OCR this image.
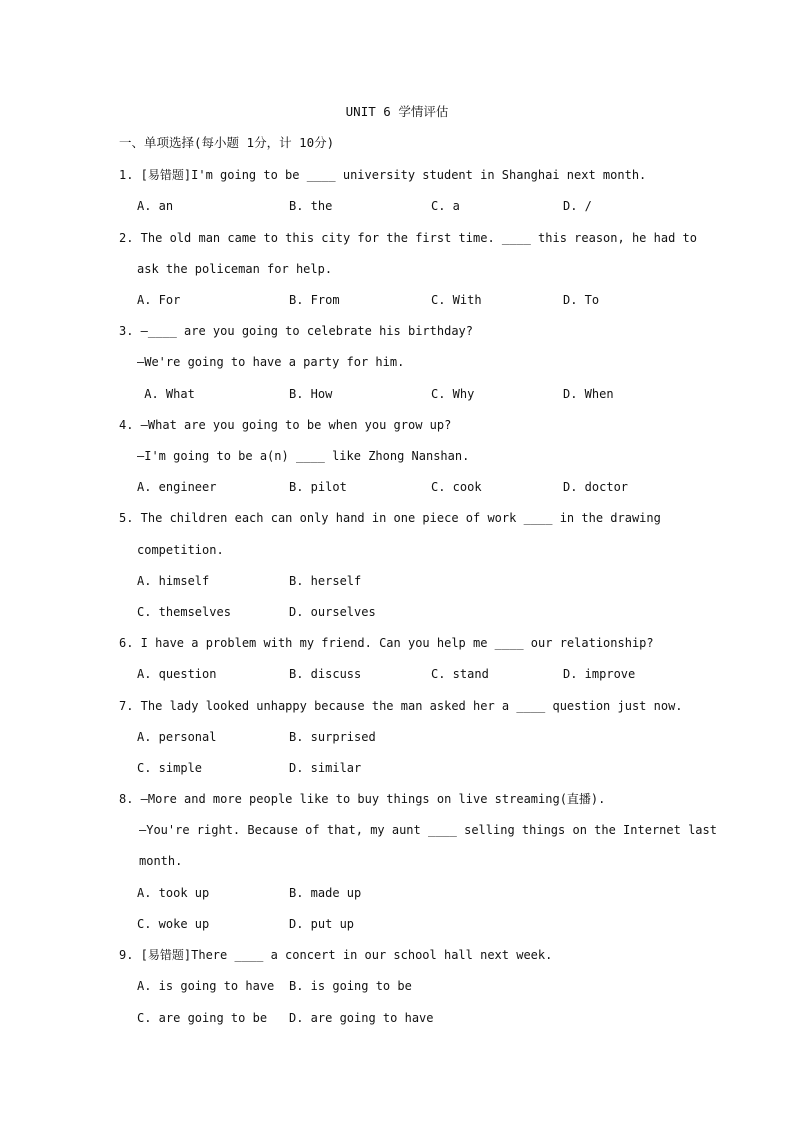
UNIT 6 学情评估
一、单项选择(每小题 1分，计 10分)
1. [易错题]I'm going to be ____ university student in Shanghai next month.
A. an	B. the	C. a	D. /
2. The old man came to this city for the first time. ____ this reason, he had to
ask the policeman for help.
A. For	B. From	C. With	D. To
3. —____ are you going to celebrate his birthday?
—We're going to have a party for him.
A. What	B. How	C. Why	D. When
4. —What are you going to be when you grow up?
—I'm going to be a(n) ____ like Zhong Nanshan.
A. engineer	B. pilot	C. cook	D. doctor
5. The children each can only hand in one piece of work ____ in the drawing
competition.
A. himself	B. herself
C. themselves	D. ourselves
6. I have a problem with my friend. Can you help me ____ our relationship?
A. question	B. discuss	C. stand	D. improve
7. The lady looked unhappy because the man asked her a ____ question just now.
A. personal	B. surprised
C. simple	D. similar
8. —More and more people like to buy things on live streaming(直播).
—You're right. Because of that, my aunt ____ selling things on the Internet last
month.
A. took up	B. made up
C. woke up	D. put up
9. [易错题]There ____ a concert in our school hall next week.
A. is going to have B. is going to be
C. are going to be D. are going to have
